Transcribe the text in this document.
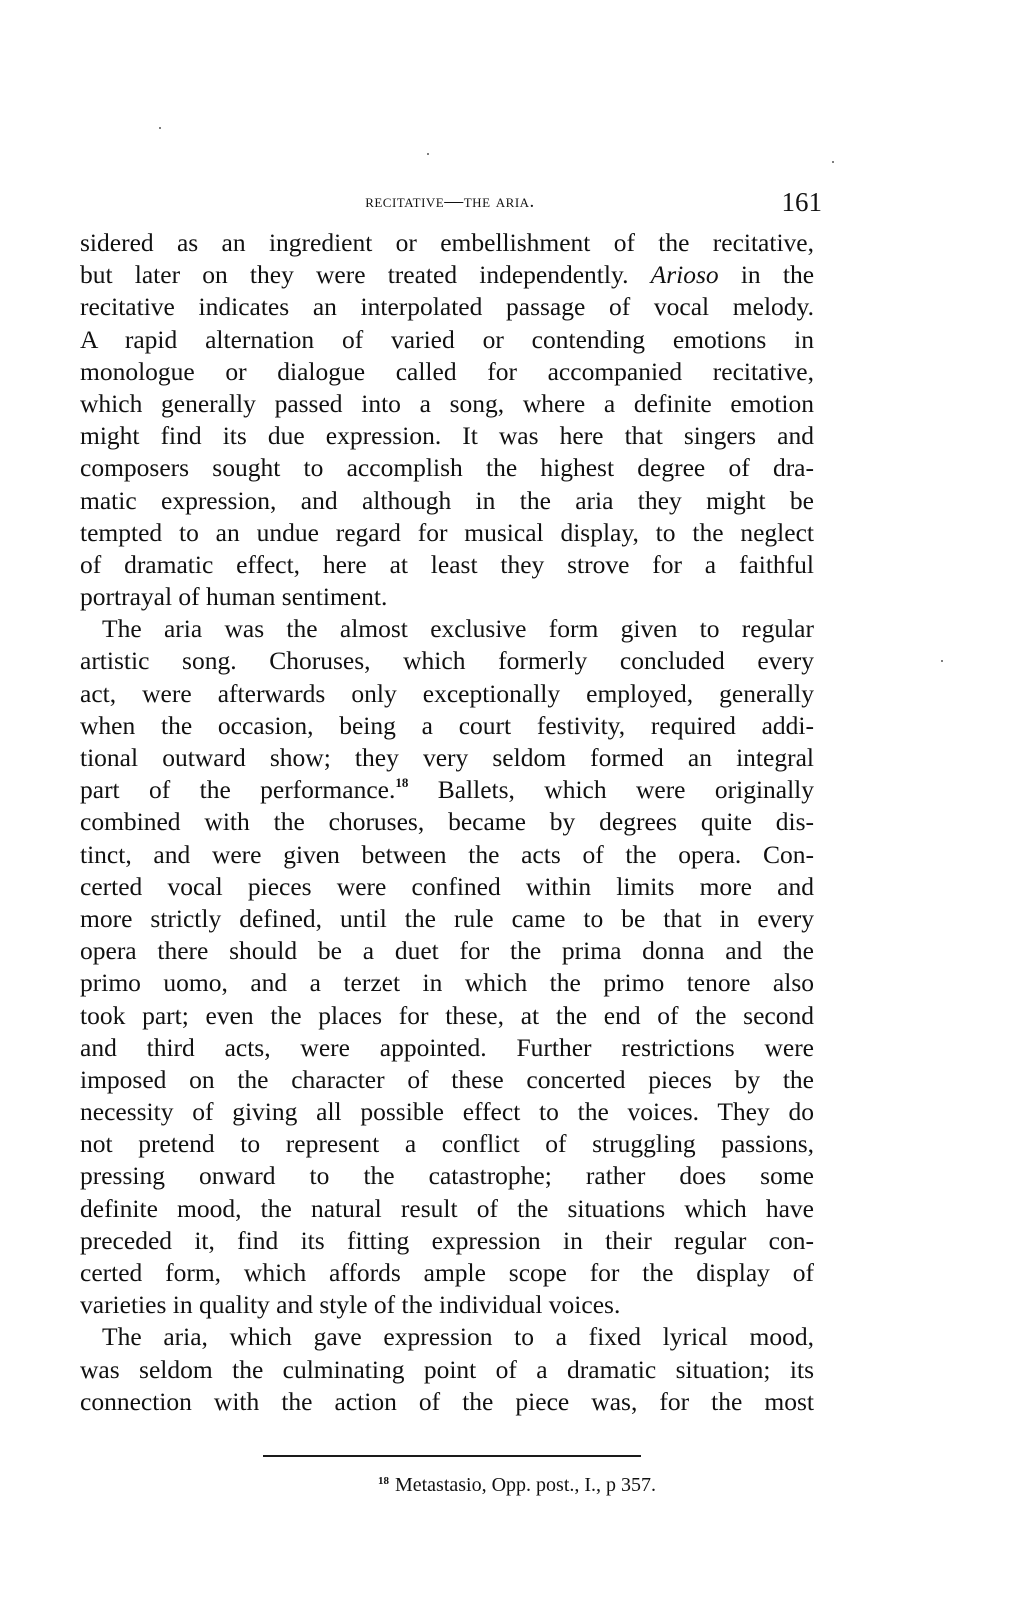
recitative—the aria.	161
sidered as an ingredient or embellishment of the recitative,
but later on they were treated independently. Arioso in the
recitative indicates an interpolated passage of vocal melody.
A rapid alternation of varied or contending emotions in
monologue or dialogue called for accompanied recitative,
which generally passed into a song, where a definite emotion
might find its due expression. It was here that singers and
composers sought to accomplish the highest degree of dra-
matic expression, and although in the aria they might be
tempted to an undue regard for musical display, to the neglect
of dramatic effect, here at least they strove for a faithful
portrayal of human sentiment.
The aria was the almost exclusive form given to regular
artistic song. Choruses, which formerly concluded every
act, were afterwards only exceptionally employed, generally
when the occasion, being a court festivity, required addi-
tional outward show; they very seldom formed an integral
part of the performance.$^{18}$ Ballets, which were originally
combined with the choruses, became by degrees quite dis-
tinct, and were given between the acts of the opera. Con-
certed vocal pieces were confined within limits more and
more strictly defined, until the rule came to be that in every
opera there should be a duet for the prima donna and the
primo uomo, and a terzet in which the primo tenore also
took part; even the places for these, at the end of the second
and third acts, were appointed. Further restrictions were
imposed on the character of these concerted pieces by the
necessity of giving all possible effect to the voices. They do
not pretend to represent a conflict of struggling passions,
pressing onward to the catastrophe; rather does some
definite mood, the natural result of the situations which have
preceded it, find its fitting expression in their regular con-
certed form, which affords ample scope for the display of
varieties in quality and style of the individual voices.
The aria, which gave expression to a fixed lyrical mood,
was seldom the culminating point of a dramatic situation; its
connection with the action of the piece was, for the most
$^{18}$ Metastasio, Opp. post., I., p 357.
